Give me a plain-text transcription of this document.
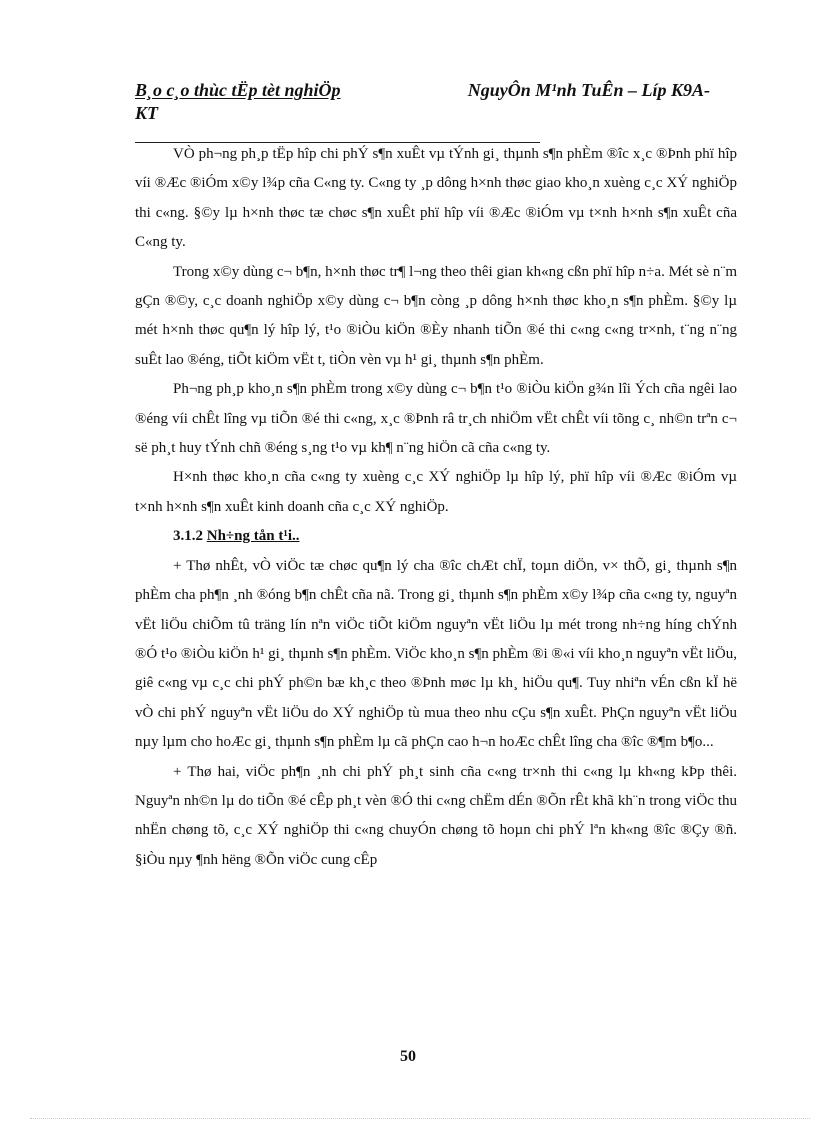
B¸o c¸o thùc tËp tèt nghiÖp	NguyÔn M¹nh TuÊn – Líp K9A-
KT

VÒ ph¬ng ph¸p tËp hîp chi phÝ s¶n xuÊt vµ tÝnh gi¸ thµnh s¶n phÈm ®îc x¸c ®Þnh phï hîp víi ®Æc ®iÓm x©y l¾p cña C«ng ty. C«ng ty ¸p dông h×nh thøc giao kho¸n xuèng c¸c XÝ nghiÖp thi c«ng. §©y lµ h×nh thøc tæ chøc s¶n xuÊt phï hîp víi ®Æc ®iÓm vµ t×nh h×nh s¶n xuÊt cña C«ng ty.

Trong x©y dùng c¬ b¶n, h×nh thøc tr¶ l¬ng theo thêi gian kh«ng cßn phï hîp n÷a. Mét sè n¨m gÇn ®©y, c¸c doanh nghiÖp x©y dùng c¬ b¶n còng ¸p dông h×nh thøc kho¸n s¶n phÈm. §©y lµ mét h×nh thøc qu¶n lý hîp lý, t¹o ®iÒu kiÖn ®Èy nhanh tiÕn ®é thi c«ng c«ng tr×nh, t¨ng n¨ng suÊt lao ®éng, tiÕt kiÖm vËt t, tiÒn vèn vµ h¹ gi¸ thµnh s¶n phÈm.

Ph¬ng ph¸p kho¸n s¶n phÈm trong x©y dùng c¬ b¶n t¹o ®iÒu kiÖn g¾n lîi Ých cña ngêi lao ®éng víi chÊt lîng vµ tiÕn ®é thi c«ng, x¸c ®Þnh râ tr¸ch nhiÖm vËt chÊt víi tõng c¸ nh©n trªn c¬ së ph¸t huy tÝnh chñ ®éng s¸ng t¹o vµ kh¶ n¨ng hiÖn cã cña c«ng ty.

H×nh thøc kho¸n cña c«ng ty xuèng c¸c XÝ nghiÖp lµ hîp lý, phï hîp víi ®Æc ®iÓm vµ t×nh h×nh s¶n xuÊt kinh doanh cña c¸c XÝ nghiÖp.

3.1.2 Nh÷ng tån t¹i..

+ Thø nhÊt, vÒ viÖc tæ chøc qu¶n lý cha ®îc chÆt chÏ, toµn diÖn, v× thÕ, gi¸ thµnh s¶n phÈm cha ph¶n ¸nh ®óng b¶n chÊt cña nã. Trong gi¸ thµnh s¶n phÈm x©y l¾p cña c«ng ty, nguyªn vËt liÖu chiÕm tû träng lín nªn viÖc tiÕt kiÖm nguyªn vËt liÖu lµ mét trong nh÷ng híng chÝnh ®Ó t¹o ®iÒu kiÖn h¹ gi¸ thµnh s¶n phÈm. ViÖc kho¸n s¶n phÈm ®i ®«i víi kho¸n nguyªn vËt liÖu, giê c«ng vµ c¸c chi phÝ ph©n bæ kh¸c theo ®Þnh møc lµ kh¸ hiÖu qu¶. Tuy nhiªn vÉn cßn kÏ hë vÒ chi phÝ nguyªn vËt liÖu do XÝ nghiÖp tù mua theo nhu cÇu s¶n xuÊt. PhÇn nguyªn vËt liÖu nµy lµm cho hoÆc gi¸ thµnh s¶n phÈm lµ cã phÇn cao h¬n hoÆc chÊt lîng cha ®îc ®¶m b¶o...

+ Thø hai, viÖc ph¶n ¸nh chi phÝ ph¸t sinh cña c«ng tr×nh thi c«ng lµ kh«ng kÞp thêi. Nguyªn nh©n lµ do tiÕn ®é cÊp ph¸t vèn ®Ó thi c«ng chËm dÉn ®Õn rÊt khã kh¨n trong viÖc thu nhËn chøng tõ, c¸c XÝ nghiÖp thi c«ng chuyÓn chøng tõ hoµn chi phÝ lªn kh«ng ®îc ®Çy ®ñ. §iÒu nµy ¶nh hëng ®Õn viÖc cung cÊp

50
